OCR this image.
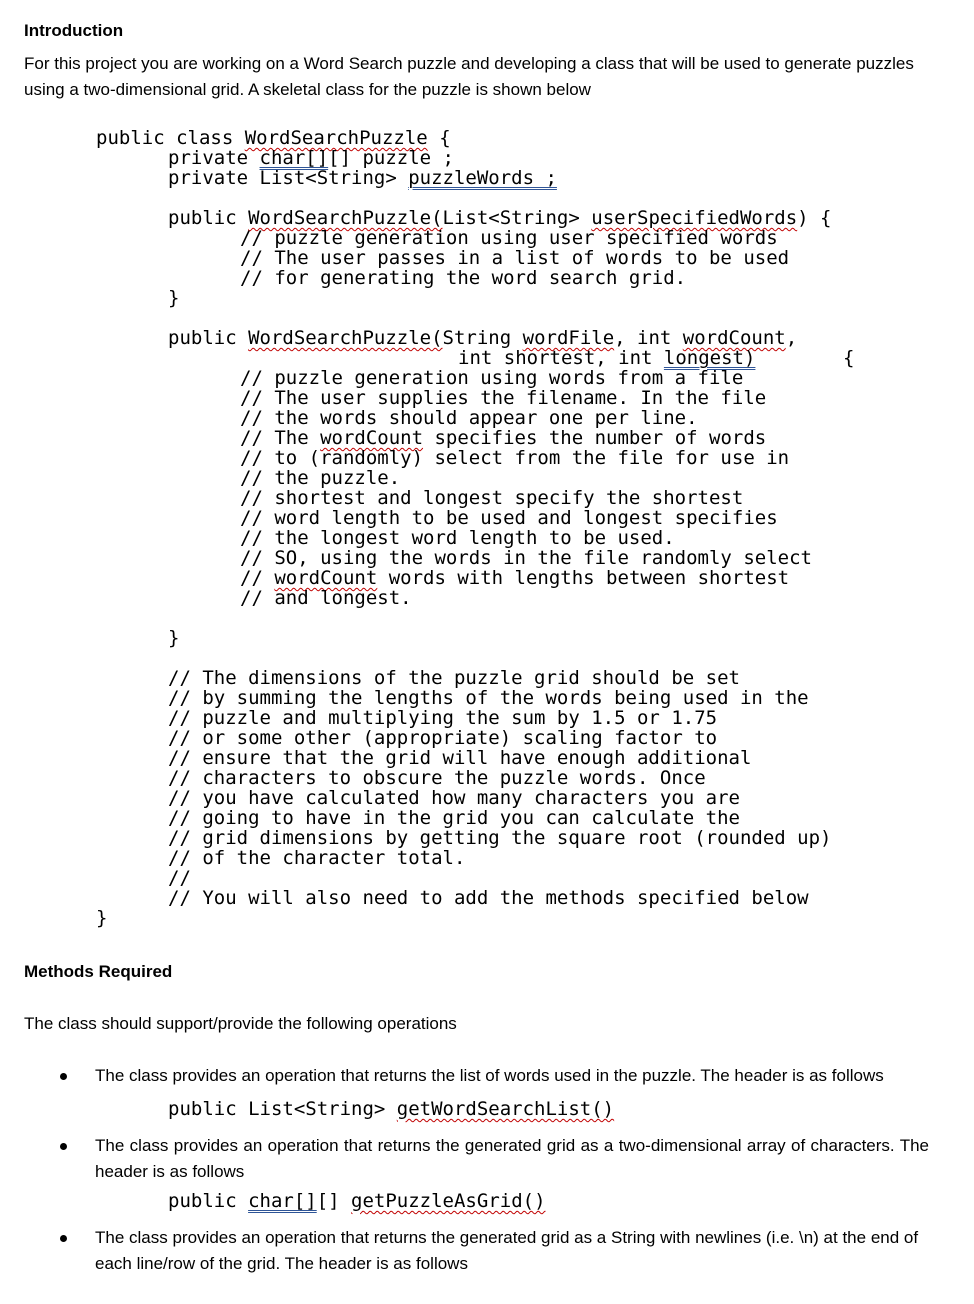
Introduction
For this project you are working on a Word Search puzzle and developing a class that will be used to generate puzzles using a two-dimensional grid. A skeletal class for the puzzle is shown below
public class WordSearchPuzzle {
private char[][] puzzle ;
private List<String> puzzleWords ;
public WordSearchPuzzle(List<String> userSpecifiedWords) {
// puzzle generation using user specified words
// The user passes in a list of words to be used
// for generating the word search grid.
}
public WordSearchPuzzle(String wordFile, int wordCount,
int shortest, int longest)	{
// puzzle generation using words from a file
// The user supplies the filename. In the file
// the words should appear one per line.
// The wordCount specifies the number of words
// to (randomly) select from the file for use in
// the puzzle.
// shortest and longest specify the shortest
// word length to be used and longest specifies
// the longest word length to be used.
// SO, using the words in the file randomly select
// wordCount words with lengths between shortest
// and longest.
}
// The dimensions of the puzzle grid should be set
// by summing the lengths of the words being used in the
// puzzle and multiplying the sum by 1.5 or 1.75
// or some other (appropriate) scaling factor to
// ensure that the grid will have enough additional
// characters to obscure the puzzle words. Once
// you have calculated how many characters you are
// going to have in the grid you can calculate the
// grid dimensions by getting the square root (rounded up)
// of the character total.
//
// You will also need to add the methods specified below
}
Methods Required
The class should support/provide the following operations
The class provides an operation that returns the list of words used in the puzzle. The header is as follows
public List<String> getWordSearchList()
The class provides an operation that returns the generated grid as a two-dimensional array of characters. The header is as follows
public char[][] getPuzzleAsGrid()
The class provides an operation that returns the generated grid as a String with newlines (i.e. \n) at the end of each line/row of the grid. The header is as follows
